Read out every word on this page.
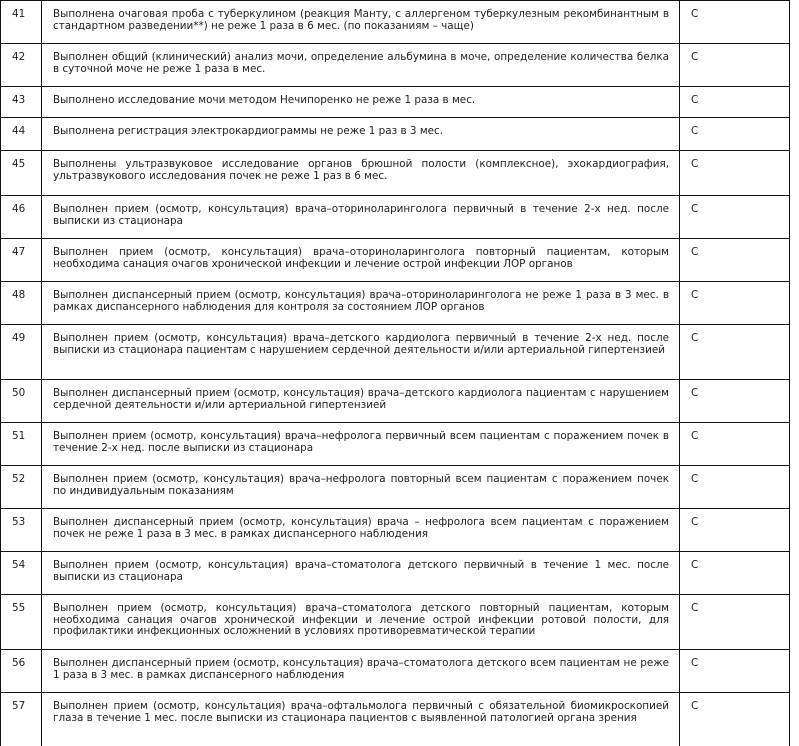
41	Выполнена очаговая проба с туберкулином (реакция Манту, с аллергеном туберкулезным рекомбинантным в стандартном разведении**) не реже 1 раза в 6 мес. (по показаниям – чаще)	C
42	Выполнен общий (клинический) анализ мочи, определение альбумина в моче, определение количества белка в суточной моче не реже 1 раза в мес.	C
43	Выполнено исследование мочи методом Нечипоренко не реже 1 раза в мес.	C
44	Выполнена регистрация электрокардиограммы не реже 1 раз в 3 мес.	C
45	Выполнены ультразвуковое исследование органов брюшной полости (комплексное), эхокардиография, ультразвукового исследования почек не реже 1 раз в 6 мес.	C
46	Выполнен прием (осмотр, консультация) врача–оториноларинголога первичный в течение 2-х нед. после выписки из стационара	C
47	Выполнен прием (осмотр, консультация) врача–оториноларинголога повторный пациентам, которым необходима санация очагов хронической инфекции и лечение острой инфекции ЛОР органов	C
48	Выполнен диспансерный прием (осмотр, консультация) врача–оториноларинголога не реже 1 раза в 3 мес. в рамках диспансерного наблюдения для контроля за состоянием ЛОР органов	C
49	Выполнен прием (осмотр, консультация) врача–детского кардиолога первичный в течение 2-х нед. после выписки из стационара пациентам с нарушением сердечной деятельности и/или артериальной гипертензией	C
50	Выполнен диспансерный прием (осмотр, консультация) врача–детского кардиолога пациентам с нарушением сердечной деятельности и/или артериальной гипертензией	C
51	Выполнен прием (осмотр, консультация) врача–нефролога первичный всем пациентам с поражением почек в течение 2-х нед. после выписки из стационара	C
52	Выполнен прием (осмотр, консультация) врача–нефролога повторный всем пациентам с поражением почек по индивидуальным показаниям	C
53	Выполнен диспансерный прием (осмотр, консультация) врача – нефролога всем пациентам с поражением почек не реже 1 раза в 3 мес. в рамках диспансерного наблюдения	C
54	Выполнен прием (осмотр, консультация) врача–стоматолога детского первичный в течение 1 мес. после выписки из стационара	C
55	Выполнен прием (осмотр, консультация) врача–стоматолога детского повторный пациентам, которым необходима санация очагов хронической инфекции и лечение острой инфекции ротовой полости, для профилактики инфекционных осложнений в условиях противоревматической терапии	C
56	Выполнен диспансерный прием (осмотр, консультация) врача–стоматолога детского всем пациентам не реже 1 раза в 3 мес. в рамках диспансерного наблюдения	C
57	Выполнен прием (осмотр, консультация) врача–офтальмолога первичный с обязательной биомикроскопией глаза в течение 1 мес. после выписки из стационара пациентов с выявленной патологией органа зрения	C
